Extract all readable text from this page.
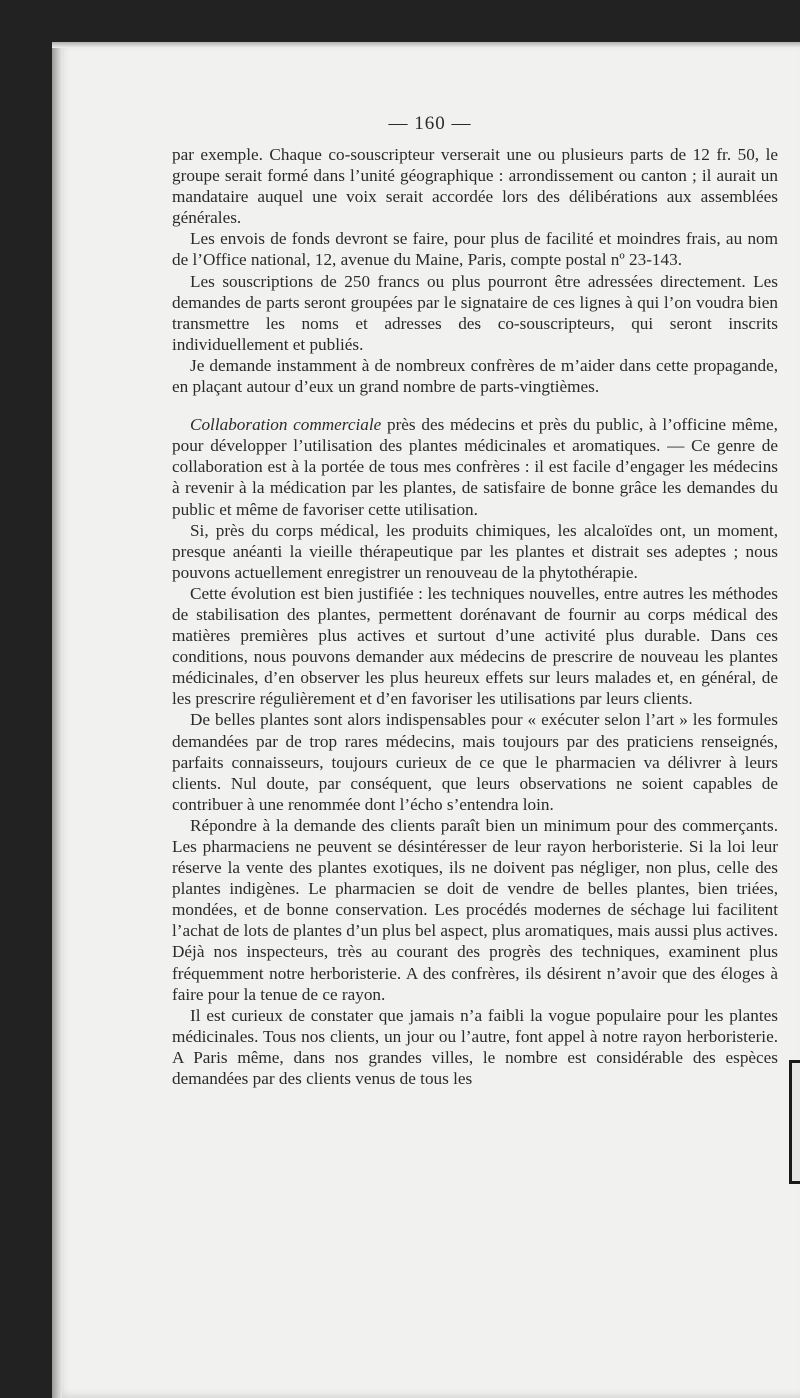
— 160 —

par exemple. Chaque co-souscripteur verserait une ou plusieurs parts de 12 fr. 50, le groupe serait formé dans l’unité géographique : arrondissement ou canton ; il aurait un mandataire auquel une voix serait accordée lors des délibérations aux assemblées générales.

Les envois de fonds devront se faire, pour plus de facilité et moindres frais, au nom de l’Office national, 12, avenue du Maine, Paris, compte postal nº 23-143.

Les souscriptions de 250 francs ou plus pourront être adressées directement. Les demandes de parts seront groupées par le signataire de ces lignes à qui l’on voudra bien transmettre les noms et adresses des co-souscripteurs, qui seront inscrits individuellement et publiés.

Je demande instamment à de nombreux confrères de m’aider dans cette propagande, en plaçant autour d’eux un grand nombre de parts-vingtièmes.

Collaboration commerciale près des médecins et près du public, à l’officine même, pour développer l’utilisation des plantes médicinales et aromatiques. — Ce genre de collaboration est à la portée de tous mes confrères : il est facile d’engager les médecins à revenir à la médication par les plantes, de satisfaire de bonne grâce les demandes du public et même de favoriser cette utilisation.

Si, près du corps médical, les produits chimiques, les alcaloïdes ont, un moment, presque anéanti la vieille thérapeutique par les plantes et distrait ses adeptes ; nous pouvons actuellement enregistrer un renouveau de la phytothérapie.

Cette évolution est bien justifiée : les techniques nouvelles, entre autres les méthodes de stabilisation des plantes, permettent dorénavant de fournir au corps médical des matières premières plus actives et surtout d’une activité plus durable. Dans ces conditions, nous pouvons demander aux médecins de prescrire de nouveau les plantes médicinales, d’en observer les plus heureux effets sur leurs malades et, en général, de les prescrire régulièrement et d’en favoriser les utilisations par leurs clients.

De belles plantes sont alors indispensables pour « exécuter selon l’art » les formules demandées par de trop rares médecins, mais toujours par des praticiens renseignés, parfaits connaisseurs, toujours curieux de ce que le pharmacien va délivrer à leurs clients. Nul doute, par conséquent, que leurs observations ne soient capables de contribuer à une renommée dont l’écho s’entendra loin.

Répondre à la demande des clients paraît bien un minimum pour des commerçants. Les pharmaciens ne peuvent se désintéresser de leur rayon herboristerie. Si la loi leur réserve la vente des plantes exotiques, ils ne doivent pas négliger, non plus, celle des plantes indigènes. Le pharmacien se doit de vendre de belles plantes, bien triées, mondées, et de bonne conservation. Les procédés modernes de séchage lui facilitent l’achat de lots de plantes d’un plus bel aspect, plus aromatiques, mais aussi plus actives. Déjà nos inspecteurs, très au courant des progrès des techniques, examinent plus fréquemment notre herboristerie. A des confrères, ils désirent n’avoir que des éloges à faire pour la tenue de ce rayon.

Il est curieux de constater que jamais n’a faibli la vogue populaire pour les plantes médicinales. Tous nos clients, un jour ou l’autre, font appel à notre rayon herboristerie. A Paris même, dans nos grandes villes, le nombre est considérable des espèces demandées par des clients venus de tous les
